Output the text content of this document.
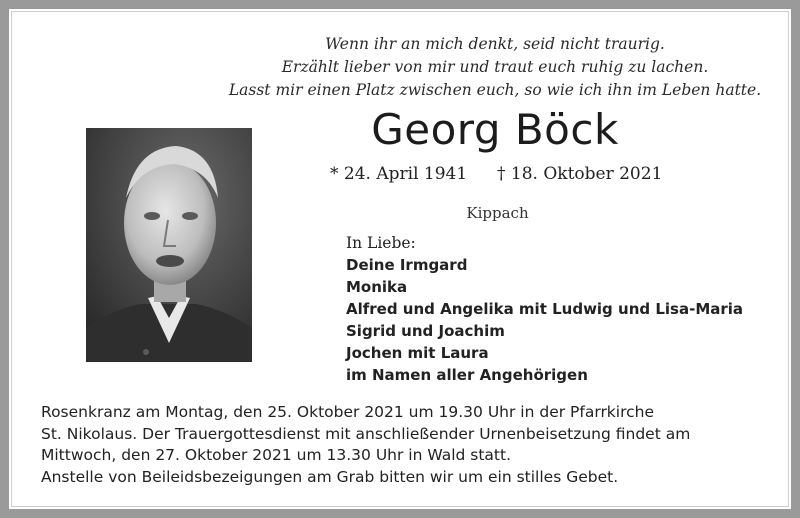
Wenn ihr an mich denkt, seid nicht traurig.
Erzählt lieber von mir und traut euch ruhig zu lachen.
Lasst mir einen Platz zwischen euch, so wie ich ihn im Leben hatte.
Georg Böck
* 24. April 1941 † 18. Oktober 2021
Kippach
In Liebe:
Deine Irmgard
Monika
Alfred und Angelika mit Ludwig und Lisa-Maria
Sigrid und Joachim
Jochen mit Laura
im Namen aller Angehörigen
Rosenkranz am Montag, den 25. Oktober 2021 um 19.30 Uhr in der Pfarrkirche
St. Nikolaus. Der Trauergottesdienst mit anschließender Urnenbeisetzung findet am
Mittwoch, den 27. Oktober 2021 um 13.30 Uhr in Wald statt.
Anstelle von Beileidsbezeigungen am Grab bitten wir um ein stilles Gebet.
